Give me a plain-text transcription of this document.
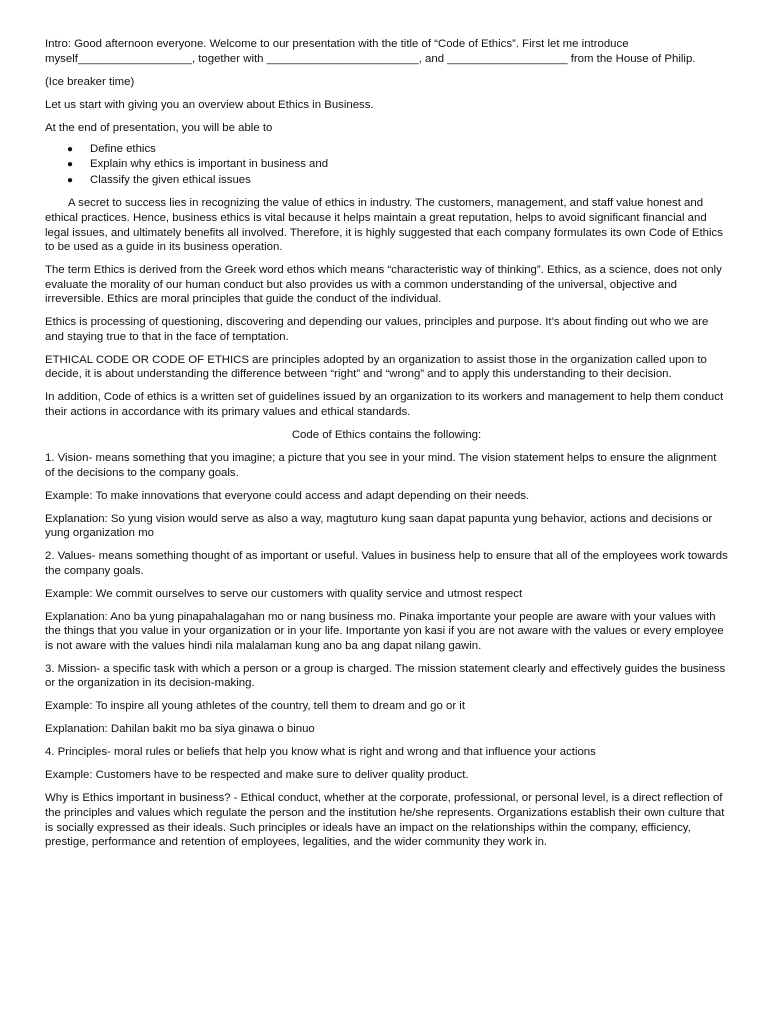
Intro: Good afternoon everyone. Welcome to our presentation with the title of “Code of Ethics”. First let me introduce myself__________________, together with ________________________, and ___________________ from the House of Philip.

(Ice breaker time)

Let us start with giving you an overview about Ethics in Business.

At the end of presentation, you will be able to

●	Define ethics
●	Explain why ethics is important in business and
●	Classify the given ethical issues

A secret to success lies in recognizing the value of ethics in industry. The customers, management, and staff value honest and ethical practices. Hence, business ethics is vital because it helps maintain a great reputation, helps to avoid significant financial and legal issues, and ultimately benefits all involved. Therefore, it is highly suggested that each company formulates its own Code of Ethics to be used as a guide in its business operation.

The term Ethics is derived from the Greek word ethos which means “characteristic way of thinking”. Ethics, as a science, does not only evaluate the morality of our human conduct but also provides us with a common understanding of the universal, objective and irreversible. Ethics are moral principles that guide the conduct of the individual.

Ethics is processing of questioning, discovering and depending our values, principles and purpose. It’s about finding out who we are and staying true to that in the face of temptation.

ETHICAL CODE OR CODE OF ETHICS are principles adopted by an organization to assist those in the organization called upon to decide, it is about understanding the difference between “right” and “wrong” and to apply this understanding to their decision.

In addition, Code of ethics is a written set of guidelines issued by an organization to its workers and management to help them conduct their actions in accordance with its primary values and ethical standards.

Code of Ethics contains the following:

1. Vision- means something that you imagine; a picture that you see in your mind. The vision statement helps to ensure the alignment of the decisions to the company goals.

Example: To make innovations that everyone could access and adapt depending on their needs.

Explanation: So yung vision would serve as also a way, magtuturo kung saan dapat papunta yung behavior, actions and decisions or yung organization mo

2. Values- means something thought of as important or useful. Values in business help to ensure that all of the employees work towards the company goals.

Example: We commit ourselves to serve our customers with quality service and utmost respect

Explanation: Ano ba yung pinapahalagahan mo or nang business mo. Pinaka importante your people are aware with your values with the things that you value in your organization or in your life. Importante yon kasi if you are not aware with the values or every employee is not aware with the values hindi nila malalaman kung ano ba ang dapat nilang gawin.

3. Mission- a specific task with which a person or a group is charged. The mission statement clearly and effectively guides the business or the organization in its decision-making.

Example: To inspire all young athletes of the country, tell them to dream and go or it

Explanation: Dahilan bakit mo ba siya ginawa o binuo

4. Principles- moral rules or beliefs that help you know what is right and wrong and that influence your actions

Example: Customers have to be respected and make sure to deliver quality product.

Why is Ethics important in business? - Ethical conduct, whether at the corporate, professional, or personal level, is a direct reflection of the principles and values which regulate the person and the institution he/she represents. Organizations establish their own culture that is socially expressed as their ideals. Such principles or ideals have an impact on the relationships within the company, efficiency, prestige, performance and retention of employees, legalities, and the wider community they work in.
